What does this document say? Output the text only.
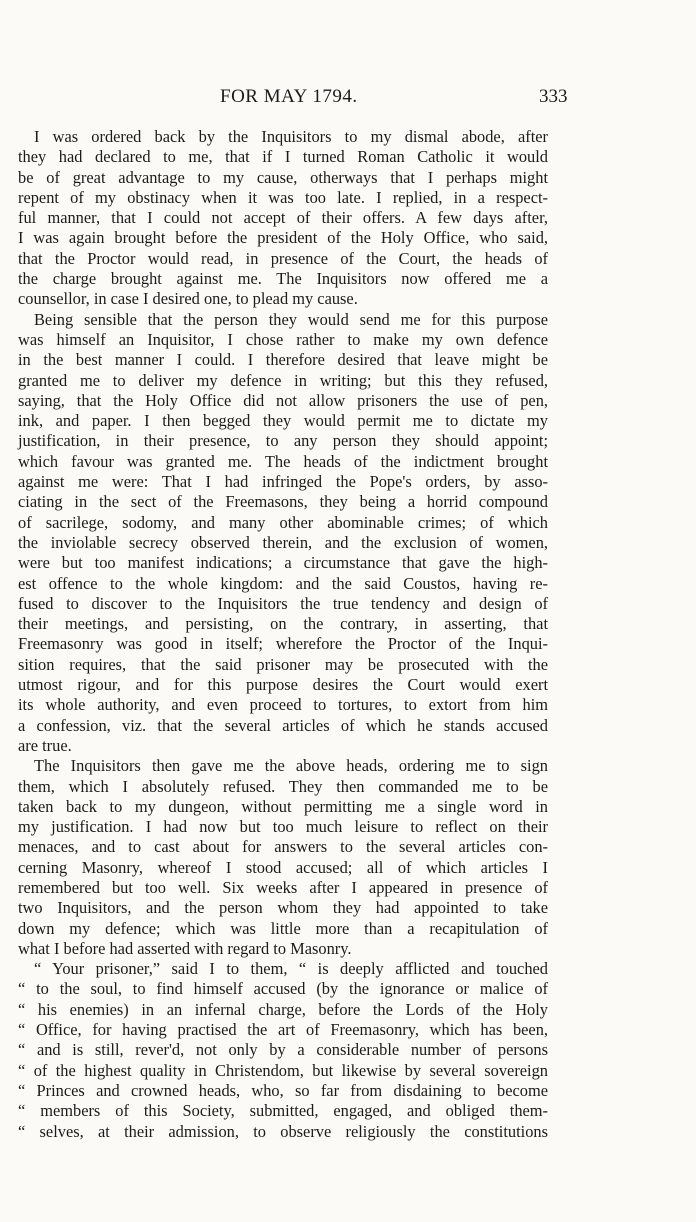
FOR MAY 1794.	333
I was ordered back by the Inquisitors to my dismal abode, after
they had declared to me, that if I turned Roman Catholic it would
be of great advantage to my cause, otherways that I perhaps might
repent of my obstinacy when it was too late. I replied, in a respect-
ful manner, that I could not accept of their offers. A few days after,
I was again brought before the president of the Holy Office, who said,
that the Proctor would read, in presence of the Court, the heads of
the charge brought against me. The Inquisitors now offered me a
counsellor, in case I desired one, to plead my cause.
Being sensible that the person they would send me for this purpose
was himself an Inquisitor, I chose rather to make my own defence
in the best manner I could. I therefore desired that leave might be
granted me to deliver my defence in writing; but this they refused,
saying, that the Holy Office did not allow prisoners the use of pen,
ink, and paper. I then begged they would permit me to dictate my
justification, in their presence, to any person they should appoint;
which favour was granted me. The heads of the indictment brought
against me were: That I had infringed the Pope's orders, by asso-
ciating in the sect of the Freemasons, they being a horrid compound
of sacrilege, sodomy, and many other abominable crimes; of which
the inviolable secrecy observed therein, and the exclusion of women,
were but too manifest indications; a circumstance that gave the high-
est offence to the whole kingdom: and the said Coustos, having re-
fused to discover to the Inquisitors the true tendency and design of
their meetings, and persisting, on the contrary, in asserting, that
Freemasonry was good in itself; wherefore the Proctor of the Inqui-
sition requires, that the said prisoner may be prosecuted with the
utmost rigour, and for this purpose desires the Court would exert
its whole authority, and even proceed to tortures, to extort from him
a confession, viz. that the several articles of which he stands accused
are true.
The Inquisitors then gave me the above heads, ordering me to sign
them, which I absolutely refused. They then commanded me to be
taken back to my dungeon, without permitting me a single word in
my justification. I had now but too much leisure to reflect on their
menaces, and to cast about for answers to the several articles con-
cerning Masonry, whereof I stood accused; all of which articles I
remembered but too well. Six weeks after I appeared in presence of
two Inquisitors, and the person whom they had appointed to take
down my defence; which was little more than a recapitulation of
what I before had asserted with regard to Masonry.
“ Your prisoner,” said I to them, “ is deeply afflicted and touched
“ to the soul, to find himself accused (by the ignorance or malice of
“ his enemies) in an infernal charge, before the Lords of the Holy
“ Office, for having practised the art of Freemasonry, which has been,
“ and is still, rever'd, not only by a considerable number of persons
“ of the highest quality in Christendom, but likewise by several sovereign
“ Princes and crowned heads, who, so far from disdaining to become
“ members of this Society, submitted, engaged, and obliged them-
“ selves, at their admission, to observe religiously the constitutions
